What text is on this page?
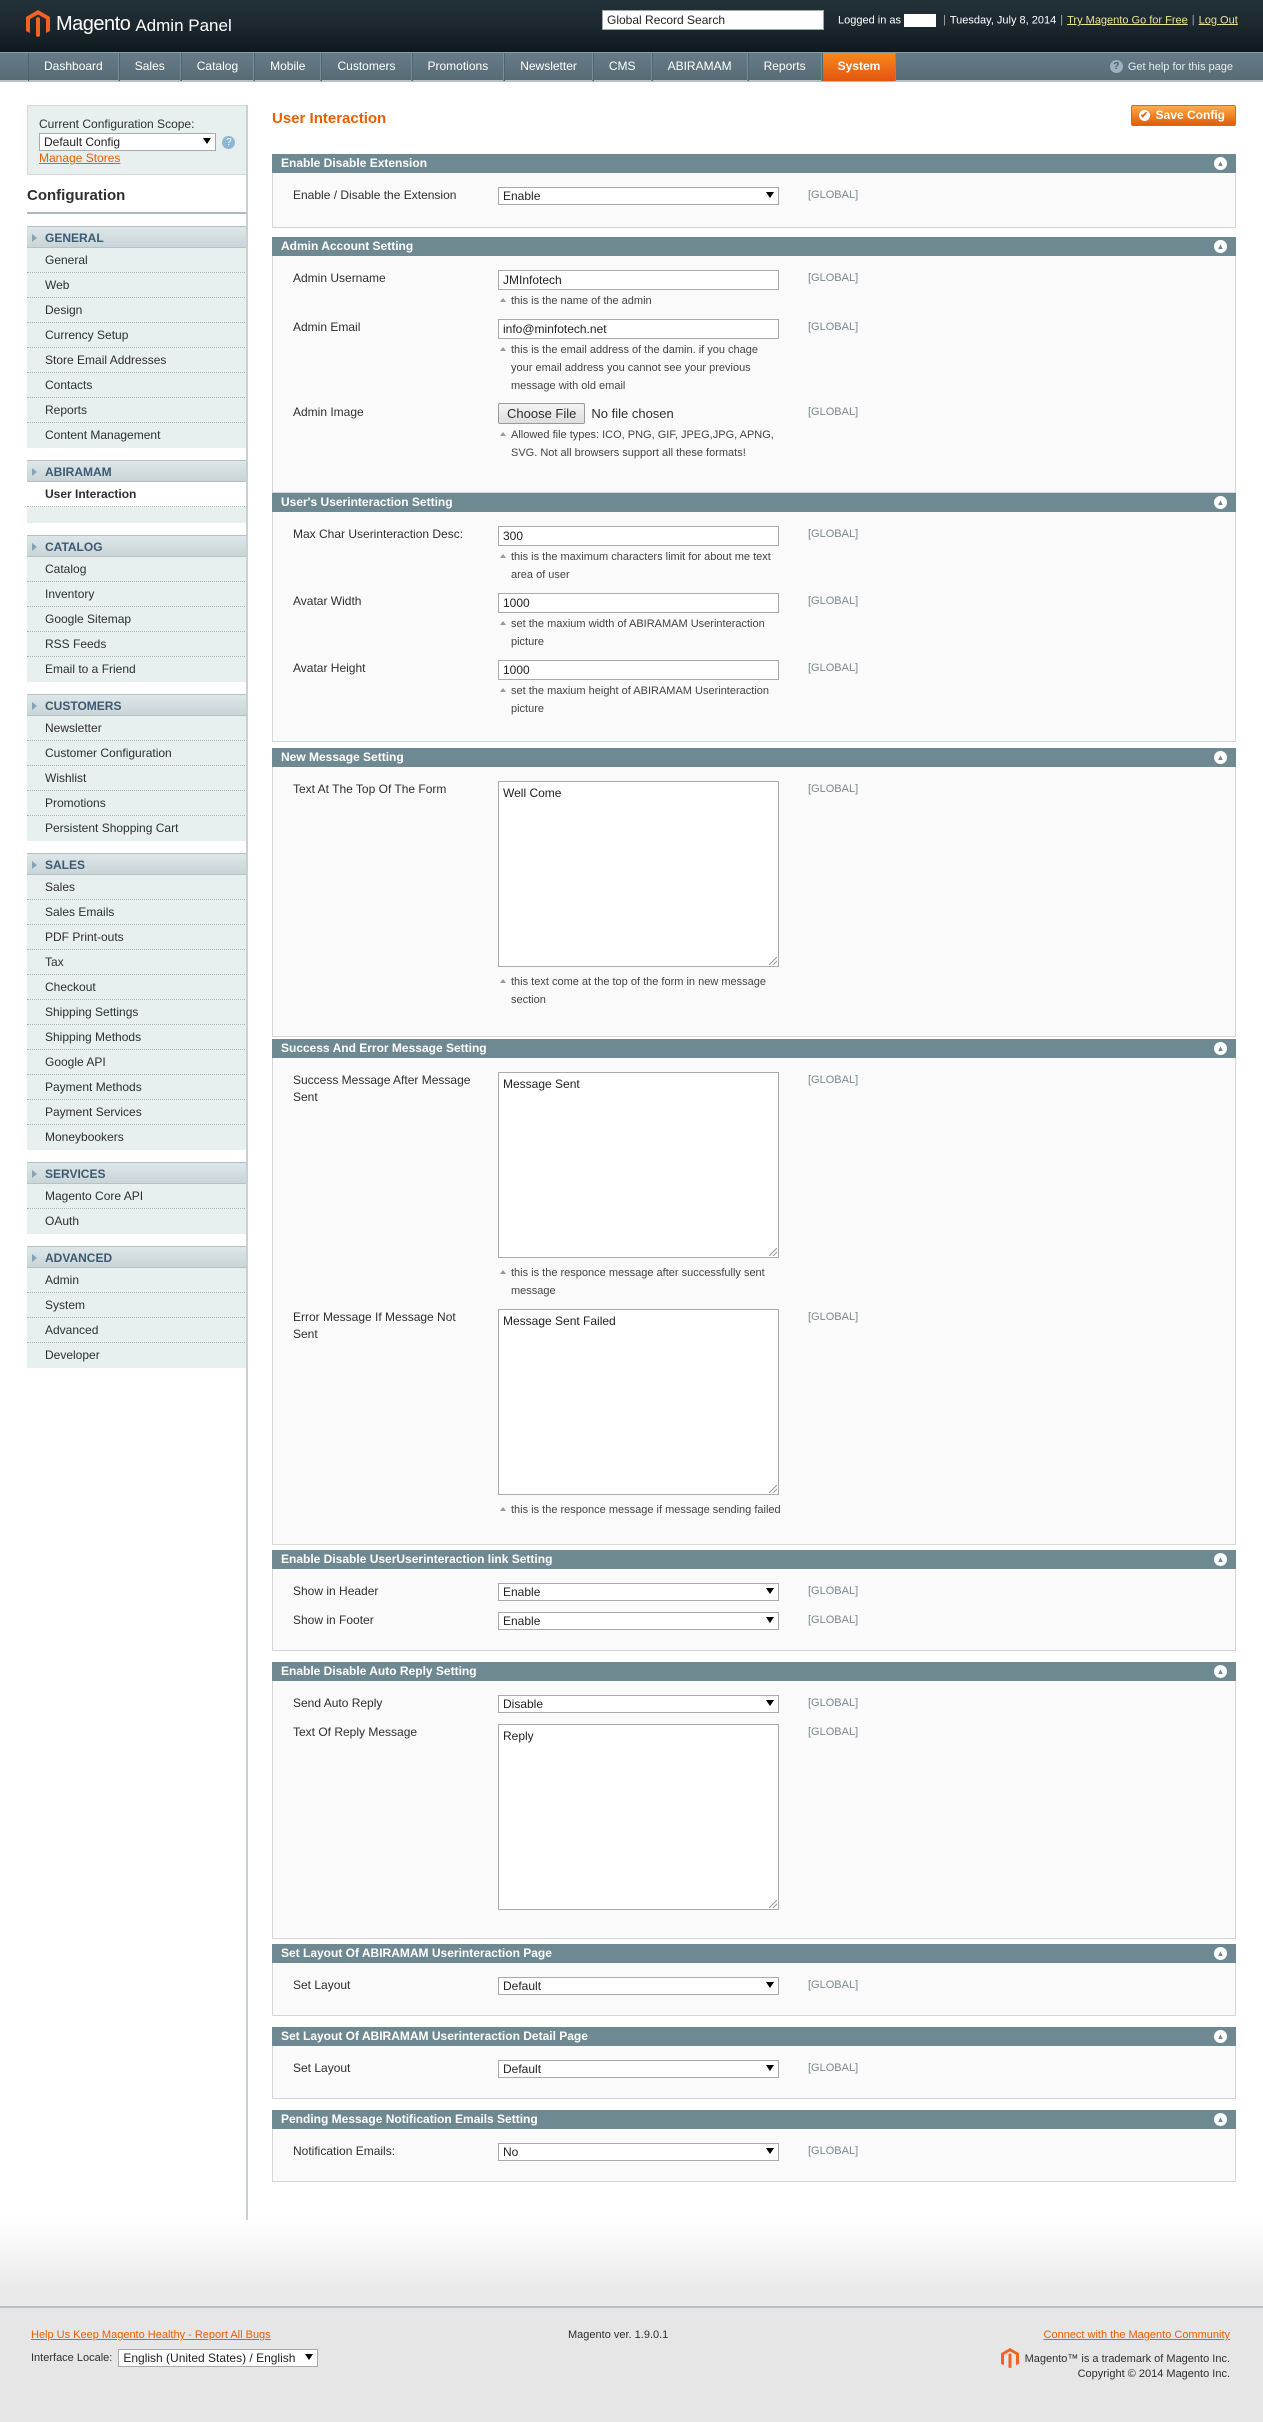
Magento Admin Panel	Global Record Search	Logged in as	| Tuesday, July 8, 2014 | Try Magento Go for Free | Log Out
Dashboard	Sales	Catalog	Mobile	Customers	Promotions	Newsletter	CMS	ABIRAMAM	Reports	System	? Get help for this page
Current Configuration Scope:
Default Config	?
Manage Stores
Configuration
GENERAL
General
Web
Design
Currency Setup
Store Email Addresses
Contacts
Reports
Content Management
ABIRAMAM
User Interaction
CATALOG
Catalog
Inventory
Google Sitemap
RSS Feeds
Email to a Friend
CUSTOMERS
Newsletter
Customer Configuration
Wishlist
Promotions
Persistent Shopping Cart
SALES
Sales
Sales Emails
PDF Print-outs
Tax
Checkout
Shipping Settings
Shipping Methods
Google API
Payment Methods
Payment Services
Moneybookers
SERVICES
Magento Core API
OAuth
ADVANCED
Admin
System
Advanced
Developer
User Interaction	✔ Save Config
Enable Disable Extension	▲
Enable / Disable the Extension	Enable	[GLOBAL]
Admin Account Setting	▲
Admin Username	JMInfotech	[GLOBAL]
this is the name of the admin
Admin Email	info@minfotech.net	[GLOBAL]
this is the email address of the damin. if you chage
your email address you cannot see your previous
message with old email
Admin Image	Choose File	No file chosen	[GLOBAL]
Allowed file types: ICO, PNG, GIF, JPEG,JPG, APNG,
SVG. Not all browsers support all these formats!
User's Userinteraction Setting	▲
Max Char Userinteraction Desc:	300	[GLOBAL]
this is the maximum characters limit for about me text
area of user
Avatar Width	1000	[GLOBAL]
set the maxium width of ABIRAMAM Userinteraction
picture
Avatar Height	1000	[GLOBAL]
set the maxium height of ABIRAMAM Userinteraction
picture
New Message Setting	▲
Text At The Top Of The Form	Well Come	[GLOBAL]
this text come at the top of the form in new message
section
Success And Error Message Setting	▲
Success Message After Message
Sent
Message Sent	[GLOBAL]
this is the responce message after successfully sent
message
Error Message If Message Not
Sent
Message Sent Failed	[GLOBAL]
this is the responce message if message sending failed
Enable Disable UserUserinteraction link Setting	▲
Show in Header	Enable	[GLOBAL]
Show in Footer	Enable	[GLOBAL]
Enable Disable Auto Reply Setting	▲
Send Auto Reply	Disable	[GLOBAL]
Text Of Reply Message	Reply	[GLOBAL]
Set Layout Of ABIRAMAM Userinteraction Page	▲
Set Layout	Default	[GLOBAL]
Set Layout Of ABIRAMAM Userinteraction Detail Page	▲
Set Layout	Default	[GLOBAL]
Pending Message Notification Emails Setting	▲
Notification Emails:	No	[GLOBAL]
Help Us Keep Magento Healthy - Report All Bugs
Interface Locale: English (United States) / English
Magento ver. 1.9.0.1	Connect with the Magento Community
Magento™ is a trademark of Magento Inc.
Copyright © 2014 Magento Inc.
